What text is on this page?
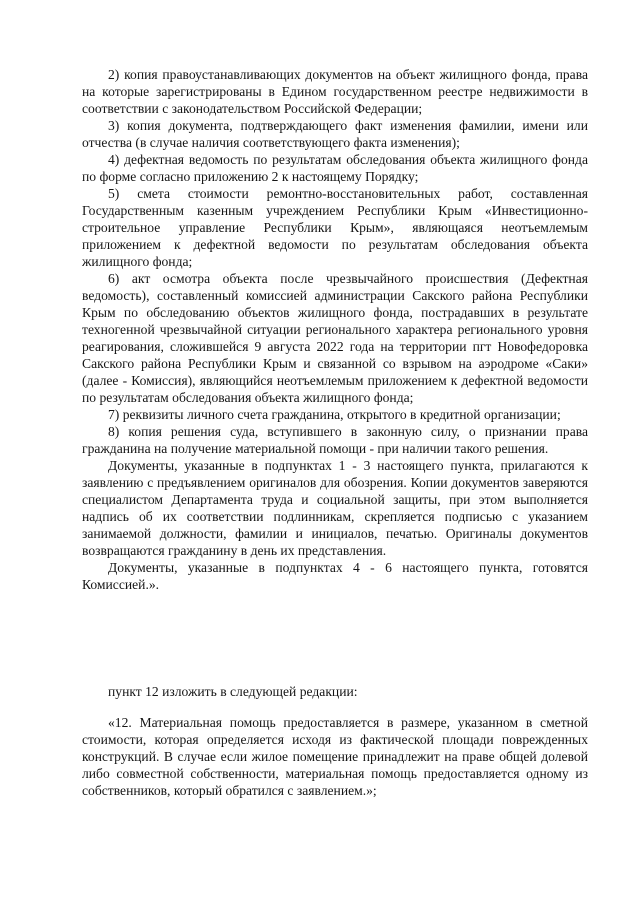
2) копия правоустанавливающих документов на объект жилищного фонда, права на которые зарегистрированы в Едином государственном реестре недвижимости в соответствии с законодательством Российской Федерации;

3) копия документа, подтверждающего факт изменения фамилии, имени или отчества (в случае наличия соответствующего факта изменения);

4) дефектная ведомость по результатам обследования объекта жилищного фонда по форме согласно приложению 2 к настоящему Порядку;

5) смета стоимости ремонтно-восстановительных работ, составленная Государственным казенным учреждением Республики Крым «Инвестиционно-строительное управление Республики Крым», являющаяся неотъемлемым приложением к дефектной ведомости по результатам обследования объекта жилищного фонда;

6) акт осмотра объекта после чрезвычайного происшествия (Дефектная ведомость), составленный комиссией администрации Сакского района Республики Крым по обследованию объектов жилищного фонда, пострадавших в результате техногенной чрезвычайной ситуации регионального характера регионального уровня реагирования, сложившейся 9 августа 2022 года на территории пгт Новофедоровка Сакского района Республики Крым и связанной со взрывом на аэродроме «Саки» (далее - Комиссия), являющийся неотъемлемым приложением к дефектной ведомости по результатам обследования объекта жилищного фонда;

7) реквизиты личного счета гражданина, открытого в кредитной организации;

8) копия решения суда, вступившего в законную силу, о признании права гражданина на получение материальной помощи - при наличии такого решения.

Документы, указанные в подпунктах 1 - 3 настоящего пункта, прилагаются к заявлению с предъявлением оригиналов для обозрения. Копии документов заверяются специалистом Департамента труда и социальной защиты, при этом выполняется надпись об их соответствии подлинникам, скрепляется подписью с указанием занимаемой должности, фамилии и инициалов, печатью. Оригиналы документов возвращаются гражданину в день их представления.

Документы, указанные в подпунктах 4 - 6 настоящего пункта, готовятся Комиссией.».

пункт 12 изложить в следующей редакции:

«12. Материальная помощь предоставляется в размере, указанном в сметной стоимости, которая определяется исходя из фактической площади поврежденных конструкций. В случае если жилое помещение принадлежит на праве общей долевой либо совместной собственности, материальная помощь предоставляется одному из собственников, который обратился с заявлением.»;
